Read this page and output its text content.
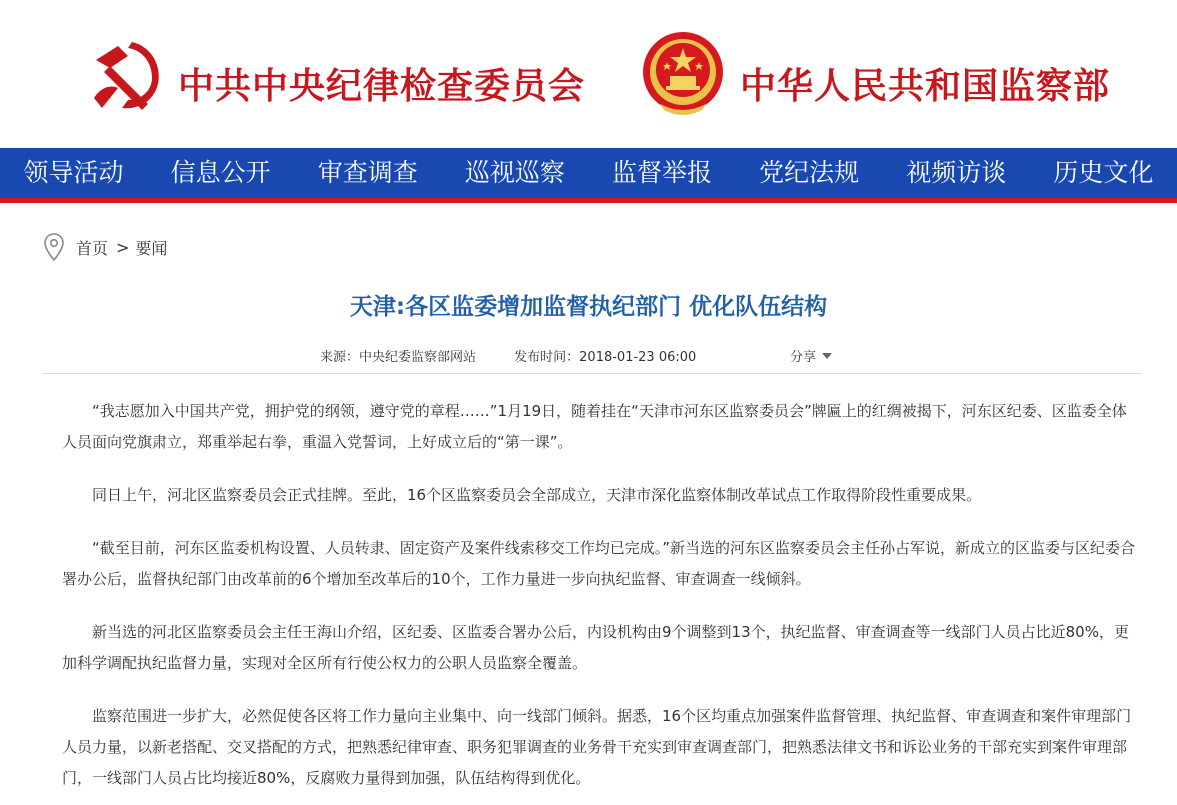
中共中央纪律检查委员会	中华人民共和国监察部
领导活动	信息公开	审查调查	巡视巡察	监督举报	党纪法规	视频访谈	历史文化
首页 > 要闻
天津:各区监委增加监督执纪部门 优化队伍结构
来源：中央纪委监察部网站	发布时间：2018-01-23 06:00	分享

“我志愿加入中国共产党，拥护党的纲领，遵守党的章程……”1月19日，随着挂在“天津市河东区监察委员会”牌匾上的红绸被揭下，河东区纪委、区监委全体人员面向党旗肃立，郑重举起右拳，重温入党誓词，上好成立后的“第一课”。

同日上午，河北区监察委员会正式挂牌。至此，16个区监察委员会全部成立，天津市深化监察体制改革试点工作取得阶段性重要成果。

“截至目前，河东区监委机构设置、人员转隶、固定资产及案件线索移交工作均已完成。”新当选的河东区监察委员会主任孙占军说，新成立的区监委与区纪委合署办公后，监督执纪部门由改革前的6个增加至改革后的10个，工作力量进一步向执纪监督、审查调查一线倾斜。

新当选的河北区监察委员会主任王海山介绍，区纪委、区监委合署办公后，内设机构由9个调整到13个，执纪监督、审查调查等一线部门人员占比近80%，更加科学调配执纪监督力量，实现对全区所有行使公权力的公职人员监察全覆盖。

监察范围进一步扩大，必然促使各区将工作力量向主业集中、向一线部门倾斜。据悉，16个区均重点加强案件监督管理、执纪监督、审查调查和案件审理部门人员力量，以新老搭配、交叉搭配的方式，把熟悉纪律审查、职务犯罪调查的业务骨干充实到审查调查部门，把熟悉法律文书和诉讼业务的干部充实到案件审理部门，一线部门人员占比均接近80%，反腐败力量得到加强，队伍结构得到优化。
